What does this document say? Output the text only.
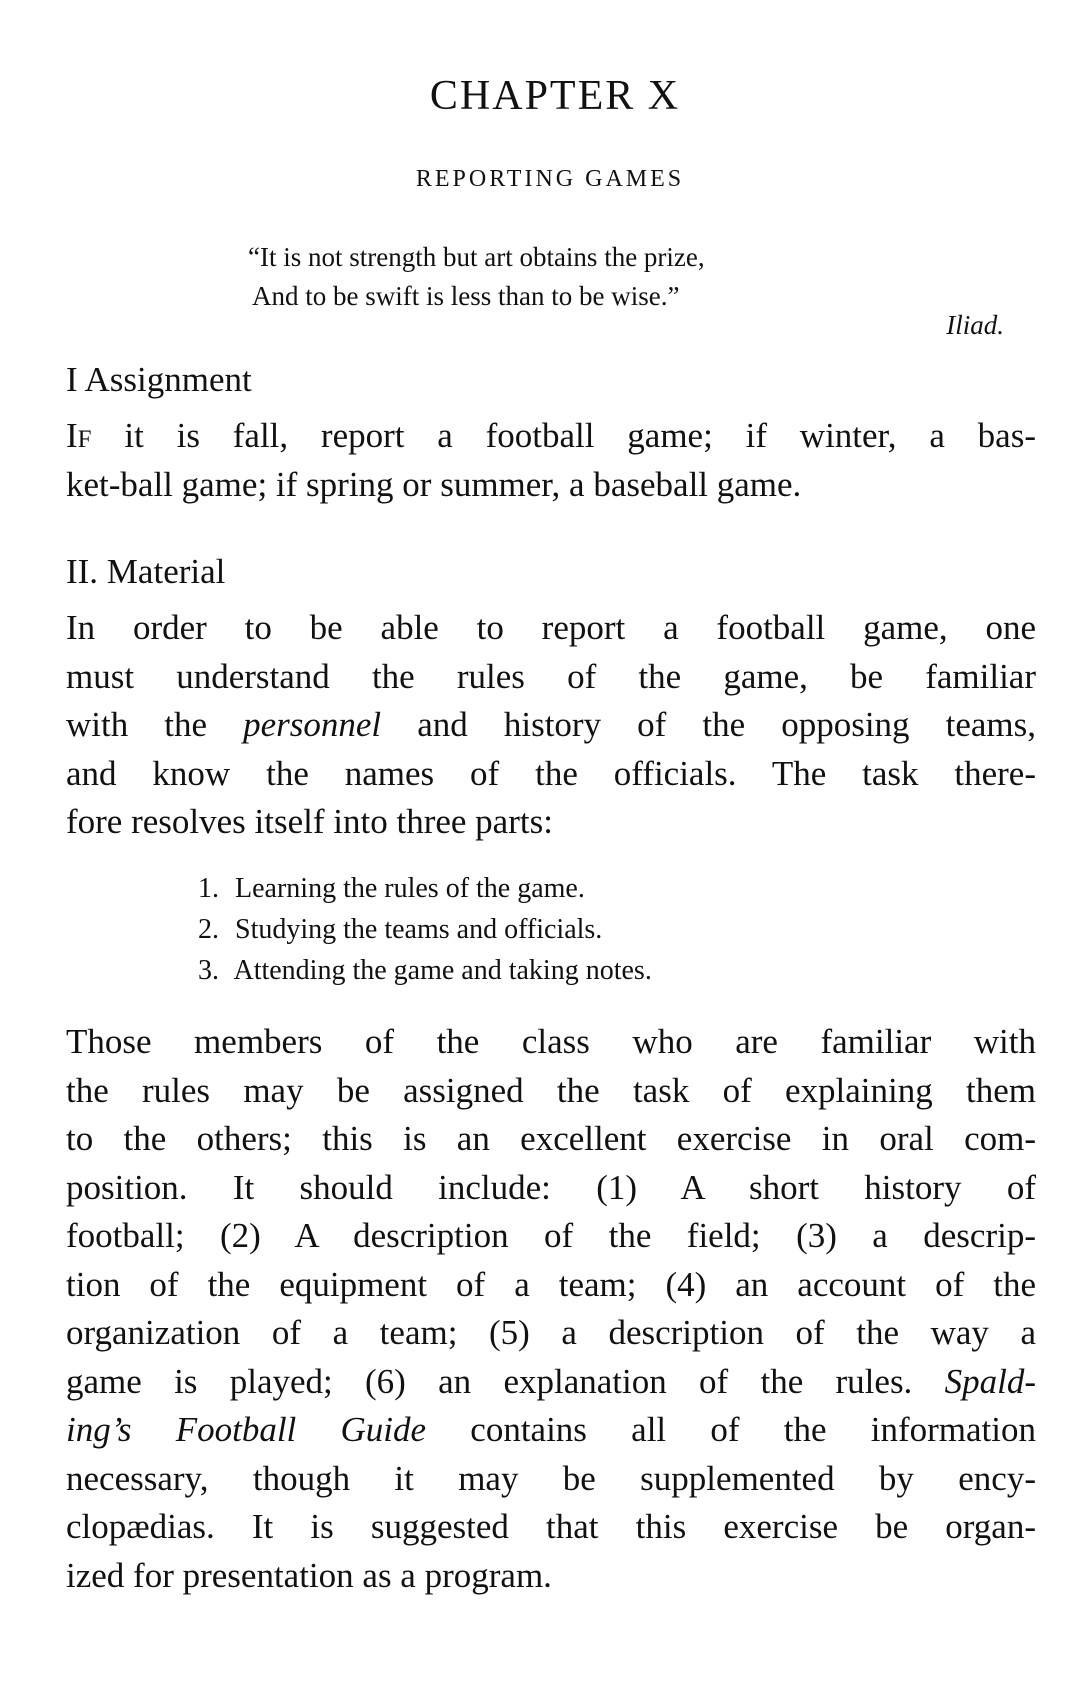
CHAPTER X
REPORTING GAMES
“It is not strength but art obtains the prize,
And to be swift is less than to be wise.”
Iliad.
I Assignment
If it is fall, report a football game; if winter, a bas-
ket-ball game; if spring or summer, a baseball game.
II. Material
In order to be able to report a football game, one
must understand the rules of the game, be familiar
with the personnel and history of the opposing teams,
and know the names of the officials. The task there-
fore resolves itself into three parts:
1. Learning the rules of the game.
2. Studying the teams and officials.
3. Attending the game and taking notes.
Those members of the class who are familiar with
the rules may be assigned the task of explaining them
to the others; this is an excellent exercise in oral com-
position. It should include: (1) A short history of
football; (2) A description of the field; (3) a descrip-
tion of the equipment of a team; (4) an account of the
organization of a team; (5) a description of the way a
game is played; (6) an explanation of the rules. Spald-
ing’s Football Guide contains all of the information
necessary, though it may be supplemented by ency-
clopædias. It is suggested that this exercise be organ-
ized for presentation as a program.
